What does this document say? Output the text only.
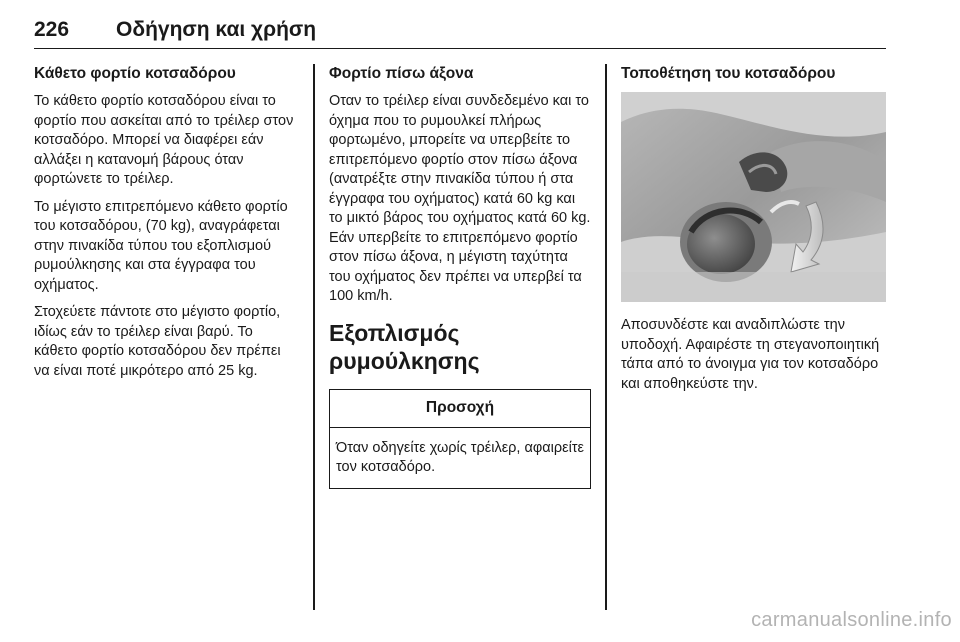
226 Οδήγηση και χρήση
Κάθετο φορτίο κοτσαδόρου

Το κάθετο φορτίο κοτσαδόρου είναι το φορτίο που ασκείται από το τρέιλερ στον κοτσαδόρο. Μπορεί να διαφέρει εάν αλλάξει η κατανομή βάρους όταν φορτώνετε το τρέιλερ.

Το μέγιστο επιτρεπόμενο κάθετο φορτίο του κοτσαδόρου, (70 kg), αναγράφεται στην πινακίδα τύπου του εξοπλισμού ρυμούλκησης και στα έγγραφα του οχήματος.

Στοχεύετε πάντοτε στο μέγιστο φορτίο, ιδίως εάν το τρέιλερ είναι βαρύ. Το κάθετο φορτίο κοτσαδόρου δεν πρέπει να είναι ποτέ μικρότερο από 25 kg.

Φορτίο πίσω άξονα

Οταν το τρέιλερ είναι συνδεδεμένο και το όχημα που το ρυμουλκεί πλήρως φορτωμένο, μπορείτε να υπερβείτε το επιτρεπόμενο φορτίο στον πίσω άξονα (ανατρέξτε στην πινακίδα τύπου ή στα έγγραφα του οχήματος) κατά 60 kg και το μικτό βάρος του οχήματος κατά 60 kg. Εάν υπερβείτε το επιτρεπόμενο φορτίο στον πίσω άξονα, η μέγιστη ταχύτητα του οχήματος δεν πρέπει να υπερβεί τα 100 km/h.

Εξοπλισμός ρυμούλκησης
Προσοχή
Όταν οδηγείτε χωρίς τρέιλερ, αφαιρείτε τον κοτσαδόρο.
Τοποθέτηση του κοτσαδόρου

Αποσυνδέστε και αναδιπλώστε την υποδοχή. Αφαιρέστε τη στεγανοποιητική τάπα από το άνοιγμα για τον κοτσαδόρο και αποθηκεύστε την.

carmanualsonline.info
